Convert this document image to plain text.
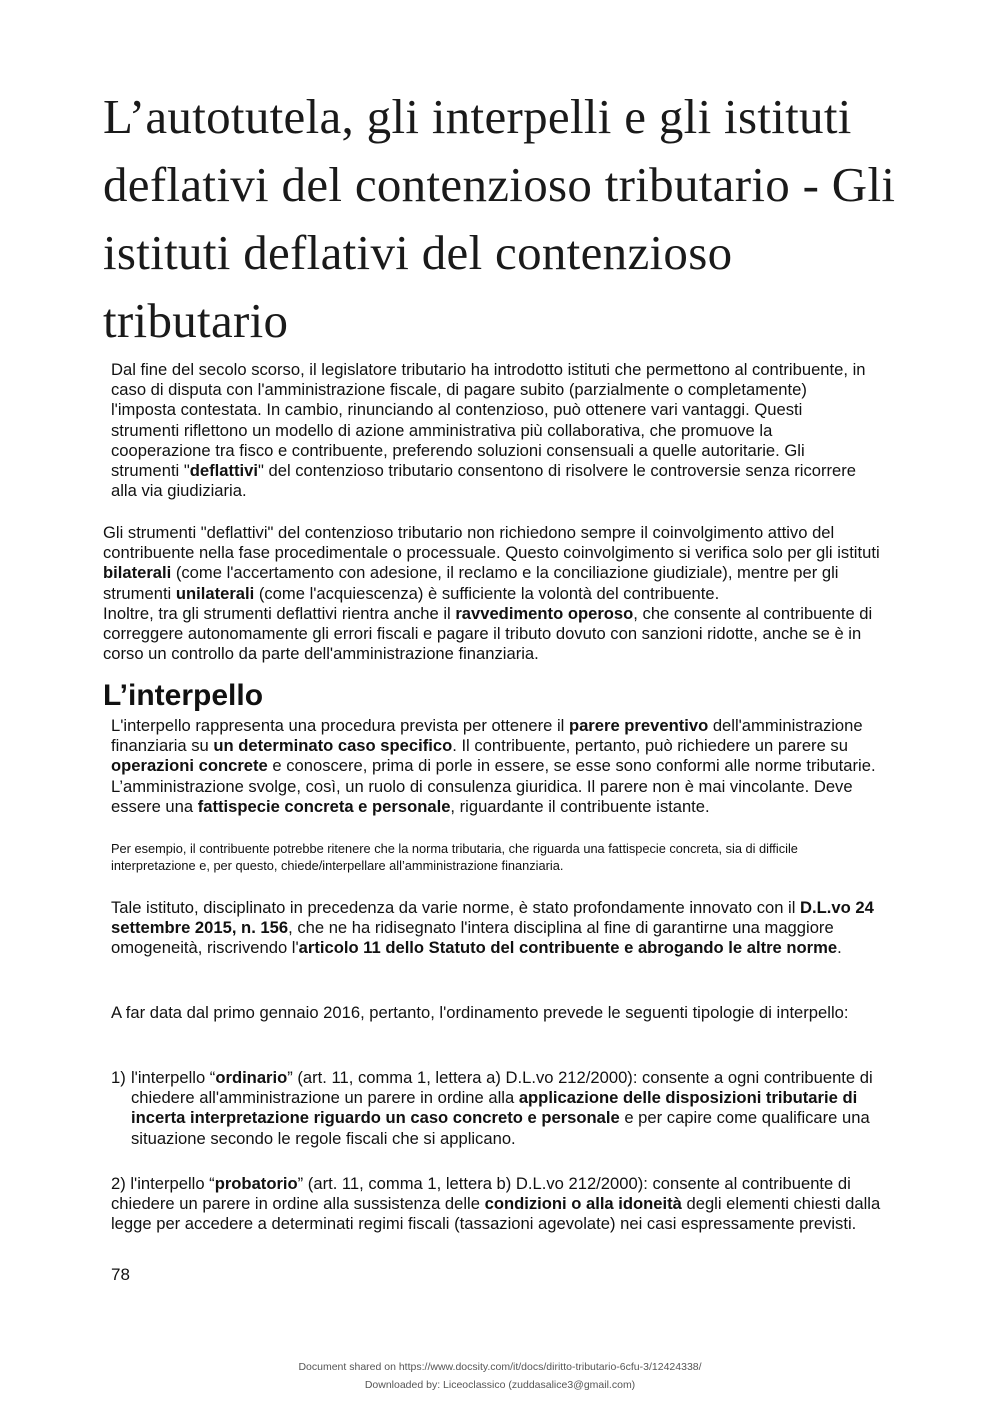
L’autotutela, gli interpelli e gli istituti deflativi del contenzioso tributario - Gli istituti deflativi del contenzioso tributario

Dal fine del secolo scorso, il legislatore tributario ha introdotto istituti che permettono al contribuente, in caso di disputa con l'amministrazione fiscale, di pagare subito (parzialmente o completamente) l'imposta contestata. In cambio, rinunciando al contenzioso, può ottenere vari vantaggi. Questi strumenti riflettono un modello di azione amministrativa più collaborativa, che promuove la cooperazione tra fisco e contribuente, preferendo soluzioni consensuali a quelle autoritarie. Gli strumenti "deflattivi" del contenzioso tributario consentono di risolvere le controversie senza ricorrere alla via giudiziaria.

Gli strumenti "deflattivi" del contenzioso tributario non richiedono sempre il coinvolgimento attivo del contribuente nella fase procedimentale o processuale. Questo coinvolgimento si verifica solo per gli istituti bilaterali (come l'accertamento con adesione, il reclamo e la conciliazione giudiziale), mentre per gli strumenti unilaterali (come l'acquiescenza) è sufficiente la volontà del contribuente.
Inoltre, tra gli strumenti deflattivi rientra anche il ravvedimento operoso, che consente al contribuente di correggere autonomamente gli errori fiscali e pagare il tributo dovuto con sanzioni ridotte, anche se è in corso un controllo da parte dell'amministrazione finanziaria.

L’interpello

L'interpello rappresenta una procedura prevista per ottenere il parere preventivo dell'amministrazione finanziaria su un determinato caso specifico. Il contribuente, pertanto, può richiedere un parere su operazioni concrete e conoscere, prima di porle in essere, se esse sono conformi alle norme tributarie. L’amministrazione svolge, così, un ruolo di consulenza giuridica. Il parere non è mai vincolante. Deve essere una fattispecie concreta e personale, riguardante il contribuente istante.

Per esempio, il contribuente potrebbe ritenere che la norma tributaria, che riguarda una fattispecie concreta, sia di difficile interpretazione e, per questo, chiede/interpellare all’amministrazione finanziaria.

Tale istituto, disciplinato in precedenza da varie norme, è stato profondamente innovato con il D.L.vo 24 settembre 2015, n. 156, che ne ha ridisegnato l'intera disciplina al fine di garantirne una maggiore omogeneità, riscrivendo l'articolo 11 dello Statuto del contribuente e abrogando le altre norme.

A far data dal primo gennaio 2016, pertanto, l'ordinamento prevede le seguenti tipologie di interpello:

1) l'interpello “ordinario” (art. 11, comma 1, lettera a) D.L.vo 212/2000): consente a ogni contribuente di chiedere all'amministrazione un parere in ordine alla applicazione delle disposizioni tributarie di incerta interpretazione riguardo un caso concreto e personale e per capire come qualificare una situazione secondo le regole fiscali che si applicano.

2) l'interpello “probatorio” (art. 11, comma 1, lettera b) D.L.vo 212/2000): consente al contribuente di chiedere un parere in ordine alla sussistenza delle condizioni o alla idoneità degli elementi chiesti dalla legge per accedere a determinati regimi fiscali (tassazioni agevolate) nei casi espressamente previsti.

78

Document shared on https://www.docsity.com/it/docs/diritto-tributario-6cfu-3/12424338/

Downloaded by: Liceoclassico (zuddasalice3@gmail.com)
